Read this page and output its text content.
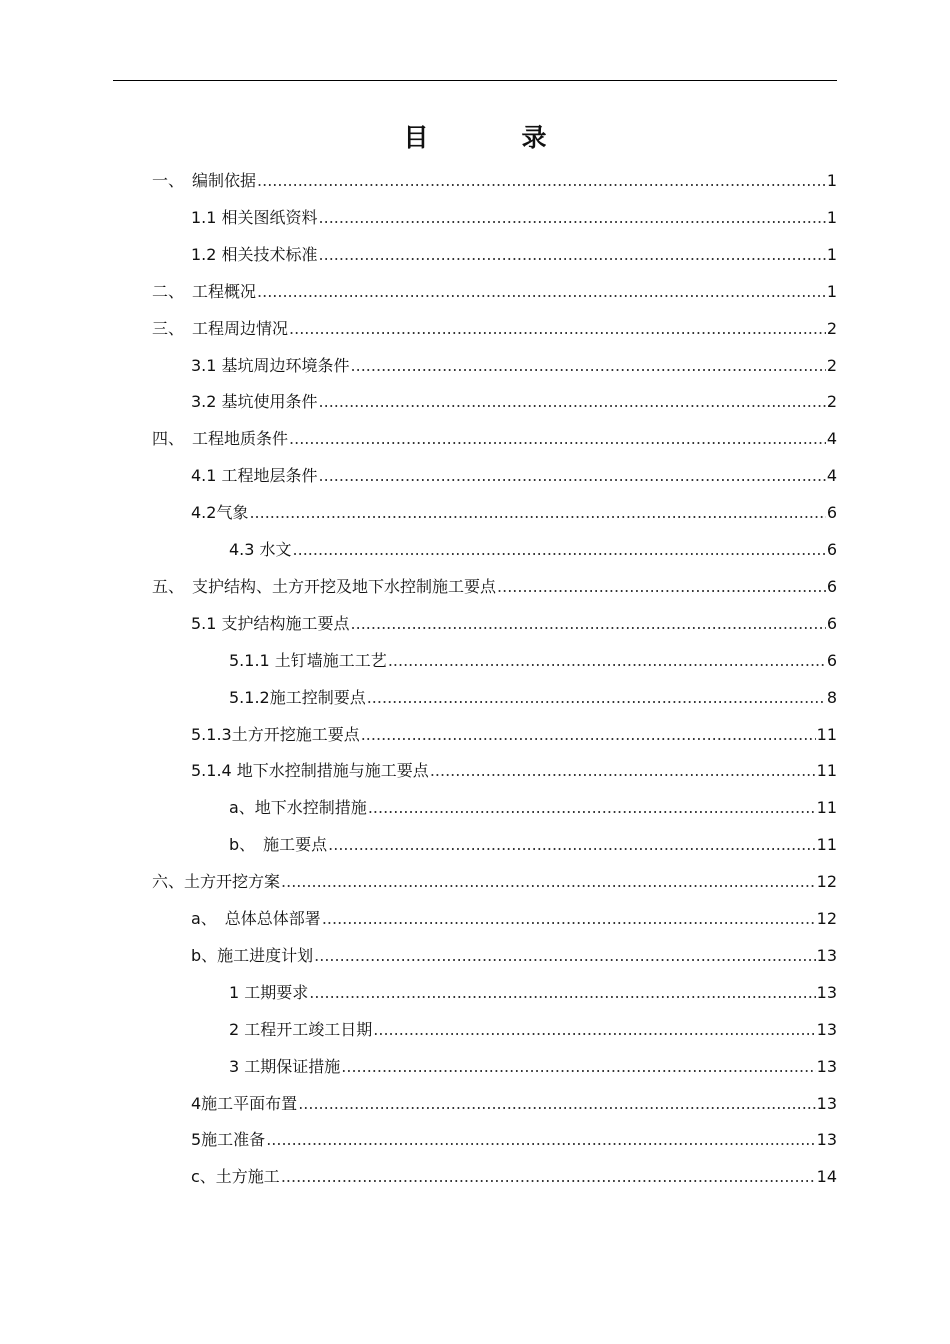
目　录
一、　编制依据 .....	1
1.1 相关图纸资料 .....	1
1.2 相关技术标准 .....	1
二、　工程概况 .....	1
三、　工程周边情况 .....	2
3.1 基坑周边环境条件 .....	2
3.2 基坑使用条件 .....	2
四、　工程地质条件 .....	4
4.1 工程地层条件 .....	4
4.2气象 .....	6
4.3 水文 .....	6
五、　支护结构、土方开挖及地下水控制施工要点 .....	6
5.1 支护结构施工要点 .....	6
5.1.1 土钉墙施工工艺 .....	6
5.1.2施工控制要点 .....	8
5.1.3土方开挖施工要点 .....	11
5.1.4 地下水控制措施与施工要点 .....	11
a、地下水控制措施 .....	11
b、　施工要点 .....	11
六、土方开挖方案 .....	12
a、　总体总体部署 .....	12
b、施工进度计划 .....	13
1 工期要求 .....	13
2 工程开工竣工日期 .....	13
3 工期保证措施 .....	13
4施工平面布置 .....	13
5施工准备 .....	13
c、土方施工 .....	14
